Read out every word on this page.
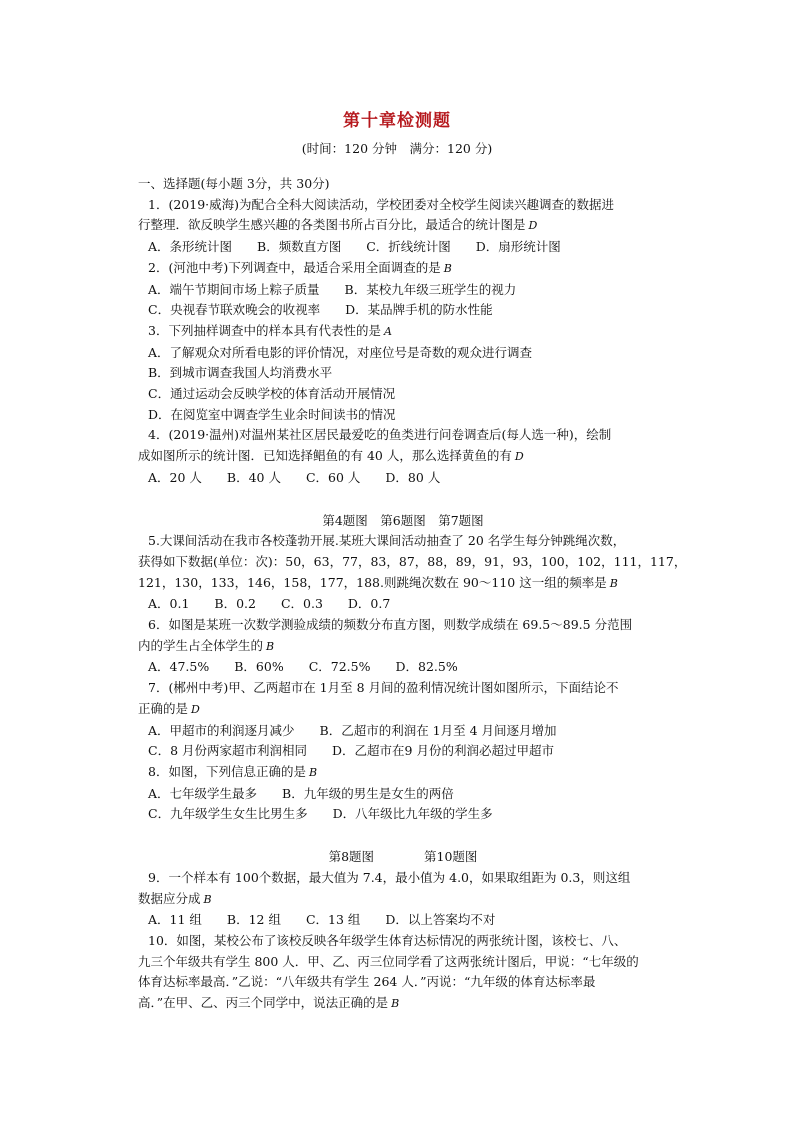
第十章检测题
(时间：120 分钟　满分：120 分)

一、选择题(每小题 3分，共 30分)

1．(2019·威海)为配合全科大阅读活动，学校团委对全校学生阅读兴趣调查的数据进

行整理．欲反映学生感兴趣的各类图书所占百分比，最适合的统计图是 D

A．条形统计图　　B．频数直方图　　C．折线统计图　　D．扇形统计图

2．(河池中考)下列调查中，最适合采用全面调查的是 B

A．端午节期间市场上粽子质量　　B．某校九年级三班学生的视力

C．央视春节联欢晚会的收视率　　D．某品牌手机的防水性能

3．下列抽样调查中的样本具有代表性的是 A

A．了解观众对所看电影的评价情况，对座位号是奇数的观众进行调查

B．到城市调查我国人均消费水平

C．通过运动会反映学校的体育活动开展情况

D．在阅览室中调查学生业余时间读书的情况

4．(2019·温州)对温州某社区居民最爱吃的鱼类进行问卷调查后(每人选一种)，绘制

成如图所示的统计图．已知选择鲳鱼的有 40 人，那么选择黄鱼的有 D

A．20 人　　B．40 人　　C．60 人　　D．80 人

第4题图　第6题图　第7题图

5.大课间活动在我市各校蓬勃开展.某班大课间活动抽查了 20 名学生每分钟跳绳次数，

获得如下数据(单位：次)：50，63，77，83，87，88，89，91，93，100，102，111，117，

121，130，133，146，158，177，188.则跳绳次数在 90～110 这一组的频率是 B

A．0.1　　B．0.2　　C．0.3　　D．0.7

6．如图是某班一次数学测验成绩的频数分布直方图，则数学成绩在 69.5～89.5 分范围

内的学生占全体学生的 B

A．47.5%　　B．60%　　C．72.5%　　D．82.5%

7．(郴州中考)甲、乙两超市在 1月至 8 月间的盈利情况统计图如图所示，下面结论不

正确的是 D

A．甲超市的利润逐月减少　　B．乙超市的利润在 1月至 4 月间逐月增加

C．8 月份两家超市利润相同　　D．乙超市在9 月份的利润必超过甲超市

8．如图，下列信息正确的是 B

A．七年级学生最多　　B．九年级的男生是女生的两倍

C．九年级学生女生比男生多　　D．八年级比九年级的学生多

第8题图　　　　第10题图

9．一个样本有 100个数据，最大值为 7.4，最小值为 4.0，如果取组距为 0.3，则这组

数据应分成 B

A．11 组　　B．12 组　　C．13 组　　D．以上答案均不对

10．如图，某校公布了该校反映各年级学生体育达标情况的两张统计图，该校七、八、

九三个年级共有学生 800 人．甲、乙、丙三位同学看了这两张统计图后，甲说：“七年级的

体育达标率最高．”乙说：“八年级共有学生 264 人．”丙说：“九年级的体育达标率最

高．”在甲、乙、丙三个同学中，说法正确的是 B
